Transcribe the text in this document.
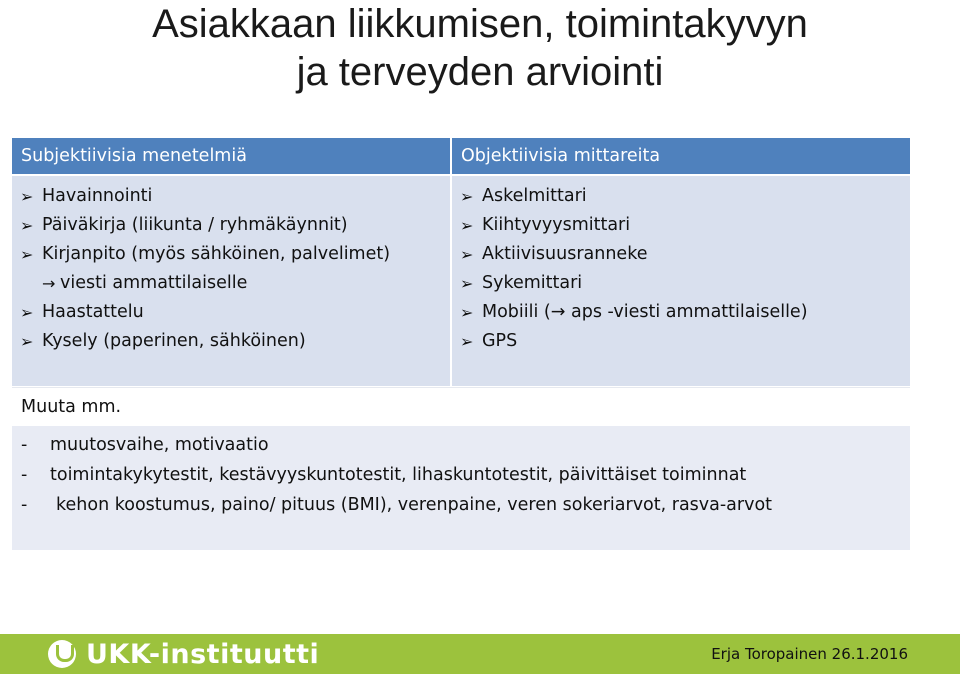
Asiakkaan liikkumisen, toimintakyvyn
ja terveyden arviointi
Subjektiivisia menetelmiä	Objektiivisia mittareita
➢ Havainnointi
➢ Päiväkirja (liikunta / ryhmäkäynnit)
➢ Kirjanpito (myös sähköinen, palvelimet)
→ viesti ammattilaiselle
➢ Haastattelu
➢ Kysely (paperinen, sähköinen)
➢ Askelmittari
➢ Kiihtyvyysmittari
➢ Aktiivisuusranneke
➢ Sykemittari
➢ Mobiili (→ aps -viesti ammattilaiselle)
➢ GPS
Muuta mm.
- muutosvaihe, motivaatio

- toimintakykytestit, kestävyyskuntotestit, lihaskuntotestit, päivittäiset toiminnat

- kehon koostumus, paino/ pituus (BMI), verenpaine, veren sokeriarvot, rasva-arvot

UKK-instituutti	Erja Toropainen 26.1.2016
